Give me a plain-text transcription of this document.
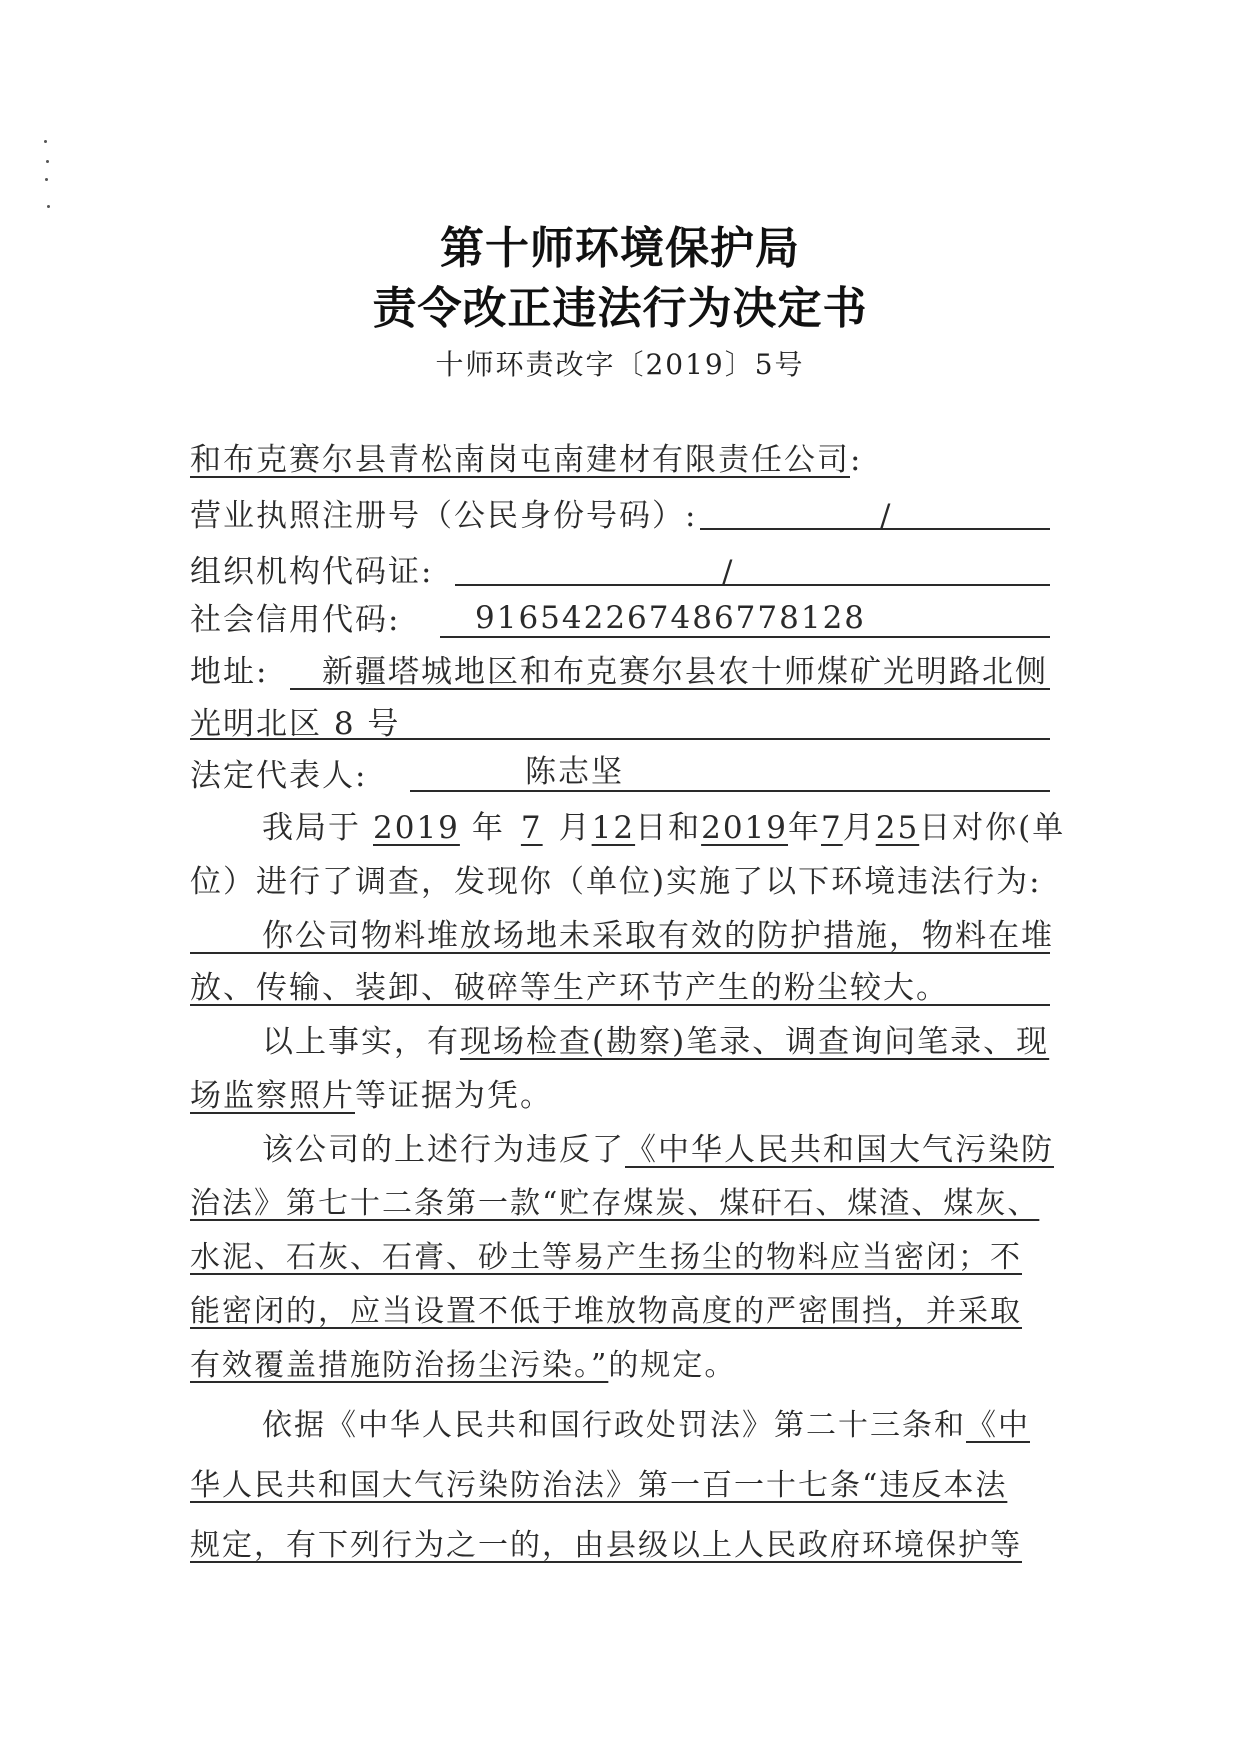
第十师环境保护局
责令改正违法行为决定书
十师环责改字〔2019〕5号
和布克赛尔县青松南岗屯南建材有限责任公司:
营业执照注册号（公民身份号码）:	/
组织机构代码证:	/
社会信用代码:	916542267486778128
地址:	新疆塔城地区和布克赛尔县农十师煤矿光明路北侧
光明北区 8 号
法定代表人:	陈志坚
我局于 2019 年 7 月12日和2019年7月25日对你(单
位）进行了调查，发现你（单位)实施了以下环境违法行为:
你公司物料堆放场地未采取有效的防护措施，物料在堆
放、传输、装卸、破碎等生产环节产生的粉尘较大。
以上事实，有现场检查(勘察)笔录、调查询问笔录、现
场监察照片等证据为凭。
该公司的上述行为违反了《中华人民共和国大气污染防
治法》第七十二条第一款“贮存煤炭、煤矸石、煤渣、煤灰、
水泥、石灰、石膏、砂土等易产生扬尘的物料应当密闭；不
能密闭的，应当设置不低于堆放物高度的严密围挡，并采取
有效覆盖措施防治扬尘污染。”的规定。
依据《中华人民共和国行政处罚法》第二十三条和《中
华人民共和国大气污染防治法》第一百一十七条“违反本法
规定，有下列行为之一的，由县级以上人民政府环境保护等
